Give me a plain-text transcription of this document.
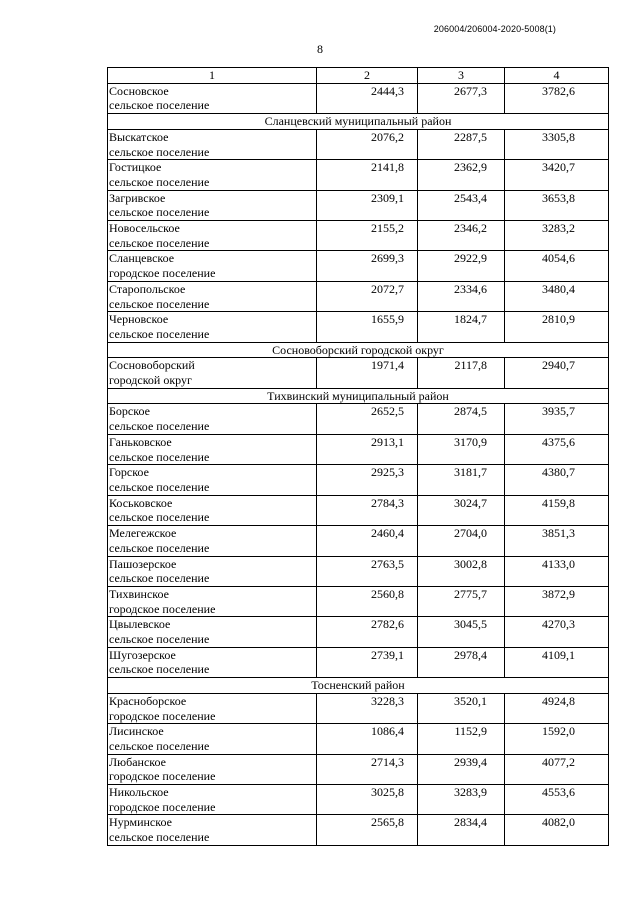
206004/206004-2020-5008(1)
8
1	2	3	4

Сосновское
сельское поселение	2444,3	2677,3	3782,6
Сланцевский муниципальный район			

Выскатское
сельское поселение	2076,2	2287,5	3305,8

Гостицкое
сельское поселение	2141,8	2362,9	3420,7

Загривское
сельское поселение	2309,1	2543,4	3653,8

Новосельское
сельское поселение	2155,2	2346,2	3283,2

Сланцевское
городское поселение	2699,3	2922,9	4054,6

Старопольское
сельское поселение	2072,7	2334,6	3480,4

Черновское
сельское поселение	1655,9	1824,7	2810,9
Сосновоборский городской округ			

Сосновоборский
городской округ	1971,4	2117,8	2940,7
Тихвинский муниципальный район			

Борское
сельское поселение	2652,5	2874,5	3935,7

Ганьковское
сельское поселение	2913,1	3170,9	4375,6

Горское
сельское поселение	2925,3	3181,7	4380,7

Коськовское
сельское поселение	2784,3	3024,7	4159,8

Мелегежское
сельское поселение	2460,4	2704,0	3851,3

Пашозерское
сельское поселение	2763,5	3002,8	4133,0

Тихвинское
городское поселение	2560,8	2775,7	3872,9

Цвылевское
сельское поселение	2782,6	3045,5	4270,3

Шугозерское
сельское поселение	2739,1	2978,4	4109,1
Тосненский район			

Красноборское
городское поселение	3228,3	3520,1	4924,8

Лисинское
сельское поселение	1086,4	1152,9	1592,0

Любанское
городское поселение	2714,3	2939,4	4077,2

Никольское
городское поселение	3025,8	3283,9	4553,6

Нурминское
сельское поселение	2565,8	2834,4	4082,0
